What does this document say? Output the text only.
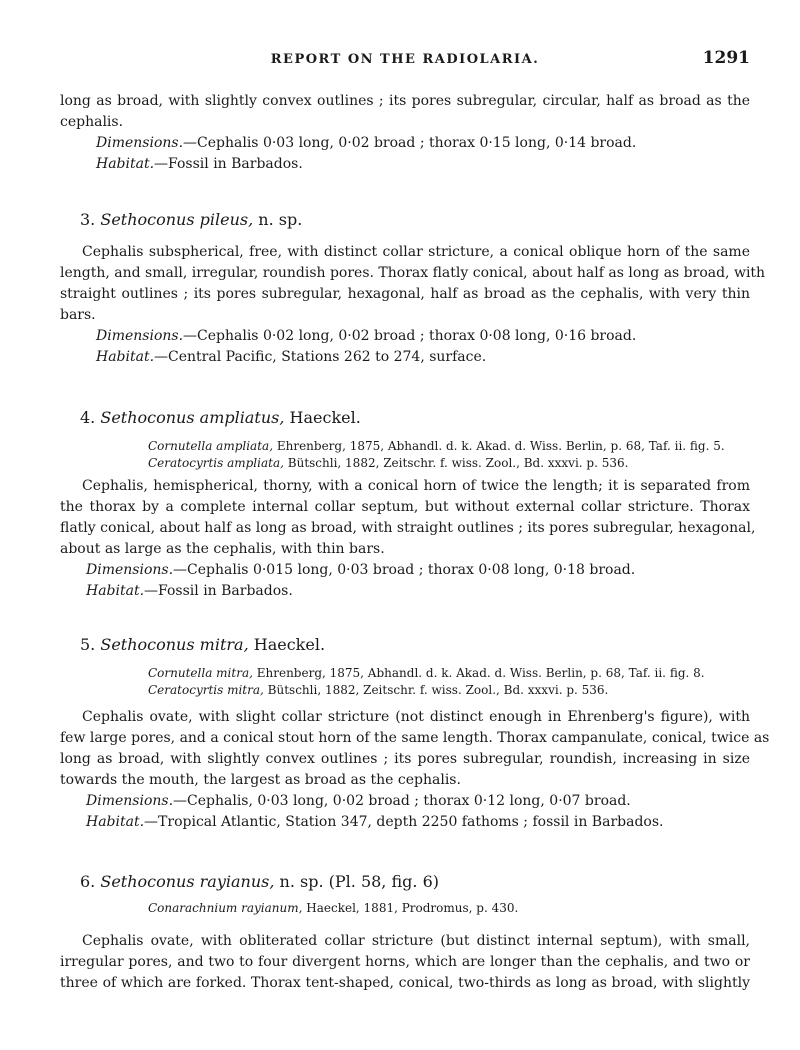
REPORT ON THE RADIOLARIA.	1291
long as broad, with slightly convex outlines ; its pores subregular, circular, half as broad as the
cephalis.

Dimensions.—Cephalis 0·03 long, 0·02 broad ; thorax 0·15 long, 0·14 broad.

Habitat.—Fossil in Barbados.

3. Sethoconus pileus, n. sp.

Cephalis subspherical, free, with distinct collar stricture, a conical oblique horn of the same
length, and small, irregular, roundish pores. Thorax flatly conical, about half as long as broad, with
straight outlines ; its pores subregular, hexagonal, half as broad as the cephalis, with very thin
bars.

Dimensions.—Cephalis 0·02 long, 0·02 broad ; thorax 0·08 long, 0·16 broad.

Habitat.—Central Pacific, Stations 262 to 274, surface.

4. Sethoconus ampliatus, Haeckel.

Cornutella ampliata, Ehrenberg, 1875, Abhandl. d. k. Akad. d. Wiss. Berlin, p. 68, Taf. ii. fig. 5.

Ceratocyrtis ampliata, Bütschli, 1882, Zeitschr. f. wiss. Zool., Bd. xxxvi. p. 536.

Cephalis, hemispherical, thorny, with a conical horn of twice the length; it is separated from
the thorax by a complete internal collar septum, but without external collar stricture. Thorax
flatly conical, about half as long as broad, with straight outlines ; its pores subregular, hexagonal,
about as large as the cephalis, with thin bars.

Dimensions.—Cephalis 0·015 long, 0·03 broad ; thorax 0·08 long, 0·18 broad.

Habitat.—Fossil in Barbados.

5. Sethoconus mitra, Haeckel.

Cornutella mitra, Ehrenberg, 1875, Abhandl. d. k. Akad. d. Wiss. Berlin, p. 68, Taf. ii. fig. 8.

Ceratocyrtis mitra, Bütschli, 1882, Zeitschr. f. wiss. Zool., Bd. xxxvi. p. 536.

Cephalis ovate, with slight collar stricture (not distinct enough in Ehrenberg's figure), with
few large pores, and a conical stout horn of the same length. Thorax campanulate, conical, twice as
long as broad, with slightly convex outlines ; its pores subregular, roundish, increasing in size
towards the mouth, the largest as broad as the cephalis.

Dimensions.—Cephalis, 0·03 long, 0·02 broad ; thorax 0·12 long, 0·07 broad.

Habitat.—Tropical Atlantic, Station 347, depth 2250 fathoms ; fossil in Barbados.

6. Sethoconus rayianus, n. sp. (Pl. 58, fig. 6)

Conarachnium rayianum, Haeckel, 1881, Prodromus, p. 430.

Cephalis ovate, with obliterated collar stricture (but distinct internal septum), with small,
irregular pores, and two to four divergent horns, which are longer than the cephalis, and two or
three of which are forked. Thorax tent-shaped, conical, two-thirds as long as broad, with slightly
